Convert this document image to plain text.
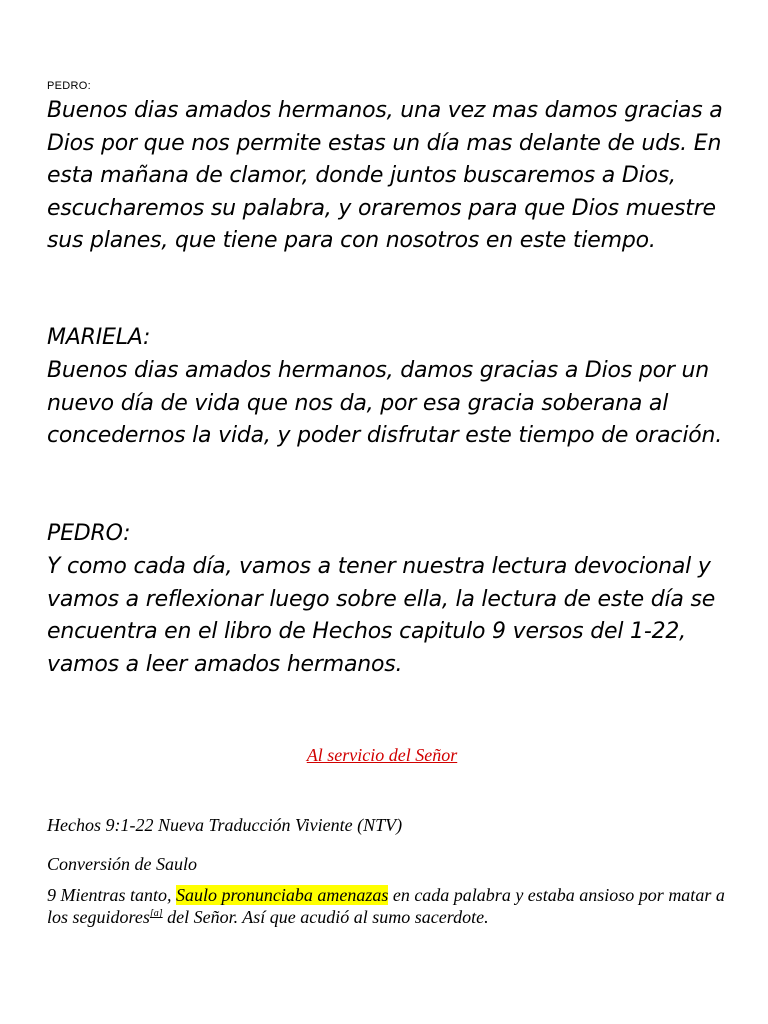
PEDRO:

Buenos dias amados hermanos, una vez mas damos gracias a Dios por que nos permite estas un día mas delante de uds. En esta mañana de clamor, donde juntos buscaremos a Dios, escucharemos su palabra, y oraremos para que Dios muestre sus planes, que tiene para con nosotros en este tiempo.

MARIELA:

Buenos dias amados hermanos, damos gracias a Dios por un nuevo día de vida que nos da, por esa gracia soberana al concedernos la vida, y poder disfrutar este tiempo de oración.

PEDRO:

Y como cada día, vamos a tener nuestra lectura devocional y vamos a reflexionar luego sobre ella, la lectura de este día se encuentra en el libro de Hechos capitulo 9 versos del 1-22, vamos a leer amados hermanos.

Al servicio del Señor

Hechos 9:1-22 Nueva Traducción Viviente (NTV)

Conversión de Saulo

9 Mientras tanto, Saulo pronunciaba amenazas en cada palabra y estaba ansioso por matar a los seguidores[a] del Señor. Así que acudió al sumo sacerdote.
